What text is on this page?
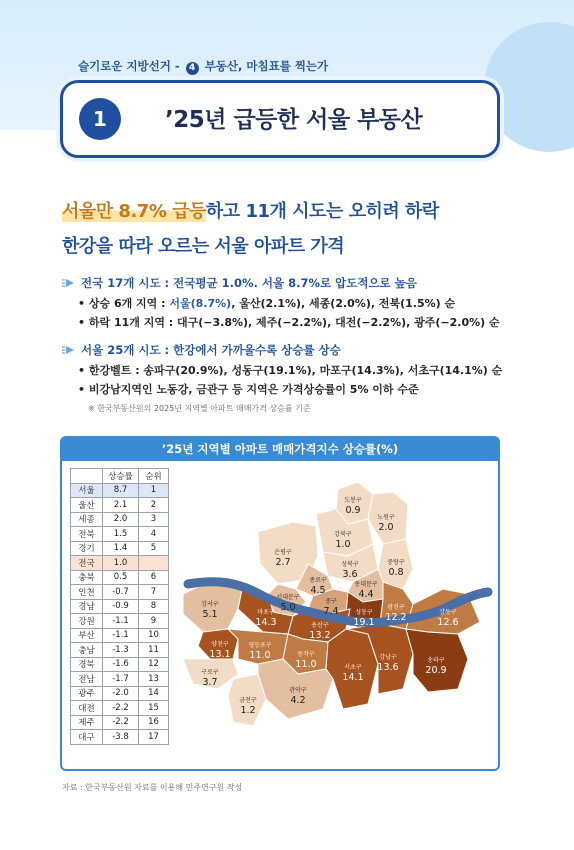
슬기로운 지방선거 - 4 부동산, 마침표를 찍는가
1	’25년 급등한 서울 부동산
서울만 8.7% 급등하고 11개 시도는 오히려 하락
한강을 따라 오르는 서울 아파트 가격
전국 17개 시도 : 전국평균 1.0%. 서울 8.7%로 압도적으로 높음
• 상승 6개 지역 : 서울(8.7%), 울산(2.1%), 세종(2.0%), 전북(1.5%) 순
• 하락 11개 지역 : 대구(−3.8%), 제주(−2.2%), 대전(−2.2%), 광주(−2.0%) 순
서울 25개 시도 : 한강에서 가까울수록 상승률 상승
• 한강벨트 : 송파구(20.9%), 성동구(19.1%), 마포구(14.3%), 서초구(14.1%) 순
• 비강남지역인 노동강, 금관구 등 지역은 가격상승률이 5% 이하 수준
※ 한국부동산원의 2025년 지역별 아파트 매매가격 상승률 기준
’25년 지역별 아파트 매매가격지수 상승률(%)
	상승률	순위
서울	8.7	1
울산	2.1	2
세종	2.0	3
전북	1.5	4
경기	1.4	5
전국	1.0	
충북	0.5	6
인천	-0.7	7
경남	-0.9	8
강원	-1.1	9
부산	-1.1	10
충남	-1.3	11
경북	-1.6	12
전남	-1.7	13
광주	-2.0	14
대전	-2.2	15
제주	-2.2	16
대구	-3.8	17
도봉구
0.9
노원구
2.0
강북구
1.0
은평구
2.7	성북구
3.6
중랑구
0.8
종로구
4.5
동대문구
4.4
서대문구
5.0
중구
7.4	성동구
19.1
광진구
12.2	강동구
12.6
마포구
14.3	용산구
13.2
강서구
5.1
양천구
13.1
영등포구
11.0	동작구
11.0	서초구
14.1
강남구
13.6
송파구
20.9
구로구
3.7
금천구
1.2
관악구
4.2
자료 : 한국부동산원 자료를 이용해 민주연구원 작성
